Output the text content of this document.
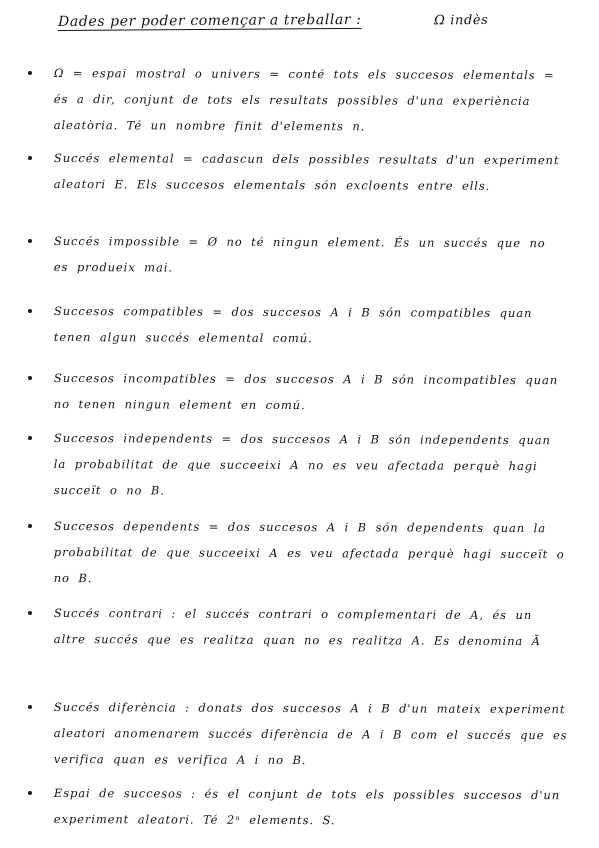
Dades per poder començar a treballar :	Ω indès
Ω = espai mostral o univers = conté tots els succesos elementals = és a dir, conjunt de tots els resultats possibles d'una experiència aleatòria. Té un nombre finit d'elements n.
Succés elemental = cadascun dels possibles resultats d'un experiment aleatori E. Els succesos elementals són excloents entre ells.
Succés impossible = Ø no té ningun element. És un succés que no es produeix mai.
Succesos compatibles = dos succesos A i B són compatibles quan tenen algun succés elemental comú.
Succesos incompatibles = dos succesos A i B són incompatibles quan no tenen ningun element en comú.
Succesos independents = dos succesos A i B són independents quan la probabilitat de que succeeixi A no es veu afectada perquè hagi succeït o no B.
Succesos dependents = dos succesos A i B són dependents quan la probabilitat de que succeeixi A es veu afectada perquè hagi succeït o no B.
Succés contrari : el succés contrari o complementari de A, és un altre succés que es realitza quan no es realitza A. Es denomina Ā
Succés diferència : donats dos succesos A i B d'un mateix experiment aleatori anomenarem succés diferència de A i B com el succés que es verifica quan es verifica A i no B.
Espai de succesos : és el conjunt de tots els possibles succesos d'un experiment aleatori. Té 2ⁿ elements. S.
